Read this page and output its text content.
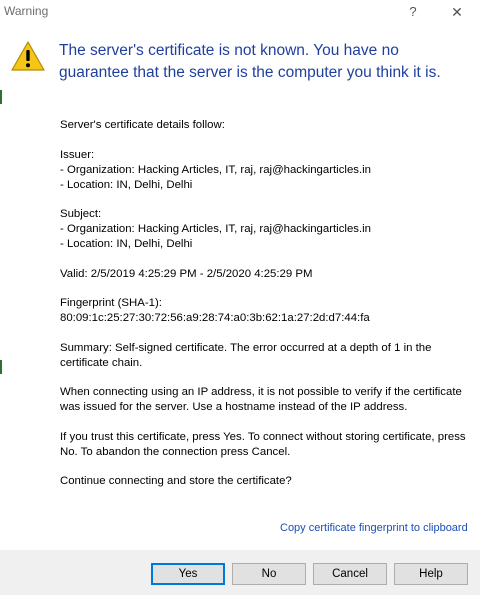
Warning	?	✕
The server's certificate is not known. You have no guarantee that the server is the computer you think it is.

Server's certificate details follow:

Issuer:
- Organization: Hacking Articles, IT, raj, raj@hackingarticles.in
- Location: IN, Delhi, Delhi
Subject:
- Organization: Hacking Articles, IT, raj, raj@hackingarticles.in
- Location: IN, Delhi, Delhi

Valid: 2/5/2019 4:25:29 PM - 2/5/2020 4:25:29 PM

Fingerprint (SHA-1): 80:09:1c:25:27:30:72:56:a9:28:74:a0:3b:62:1a:27:2d:d7:44:fa

Summary: Self-signed certificate. The error occurred at a depth of 1 in the certificate chain.

When connecting using an IP address, it is not possible to verify if the certificate was issued for the server. Use a hostname instead of the IP address.

If you trust this certificate, press Yes. To connect without storing certificate, press No. To abandon the connection press Cancel.

Continue connecting and store the certificate?

Copy certificate fingerprint to clipboard
Yes	No	Cancel	Help
